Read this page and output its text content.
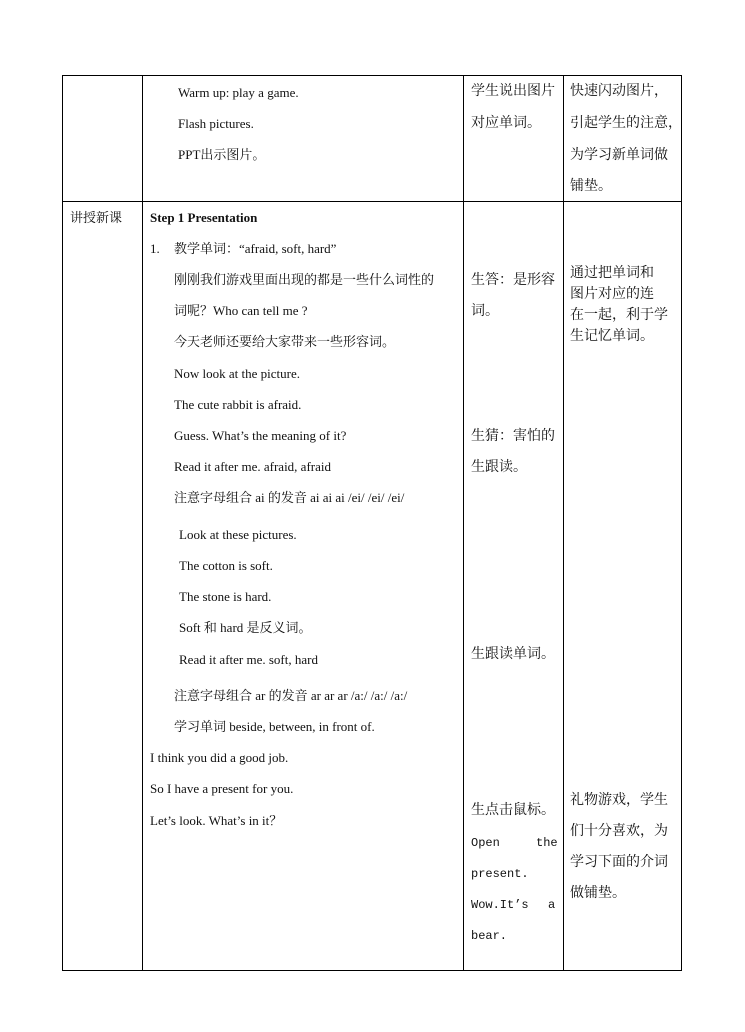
Warm up: play a game.
Flash pictures.
PPT出示图片。
学生说出图片
对应单词。
快速闪动图片，
引起学生的注意，
为学习新单词做
铺垫。
讲授新课 Step 1 Presentation
1. 教学单词：“afraid, soft, hard”
刚刚我们游戏里面出现的都是一些什么词性的
词呢？Who can tell me ?
今天老师还要给大家带来一些形容词。
Now look at the picture.
The cute rabbit is afraid.
Guess. What’s the meaning of it?
Read it after me. afraid, afraid
注意字母组合 ai 的发音 ai ai ai /ei/ /ei/ /ei/
Look at these pictures.
The cotton is soft.
The stone is hard.
Soft 和 hard 是反义词。
Read it after me. soft, hard
注意字母组合 ar 的发音 ar ar ar /a:/ /a:/ /a:/
学习单词 beside, between, in front of.
I think you did a good job.
So I have a present for you.
Let’s look. What’s in it？
生答：是形容
词。
生猜：害怕的
生跟读。
生跟读单词。
生点击鼠标。
Open	the
present.
Wow.It’s a
bear.
通过把单词和
图片对应的连
在一起，利于学
生记忆单词。
礼物游戏，学生
们十分喜欢，为
学习下面的介词
做铺垫。
